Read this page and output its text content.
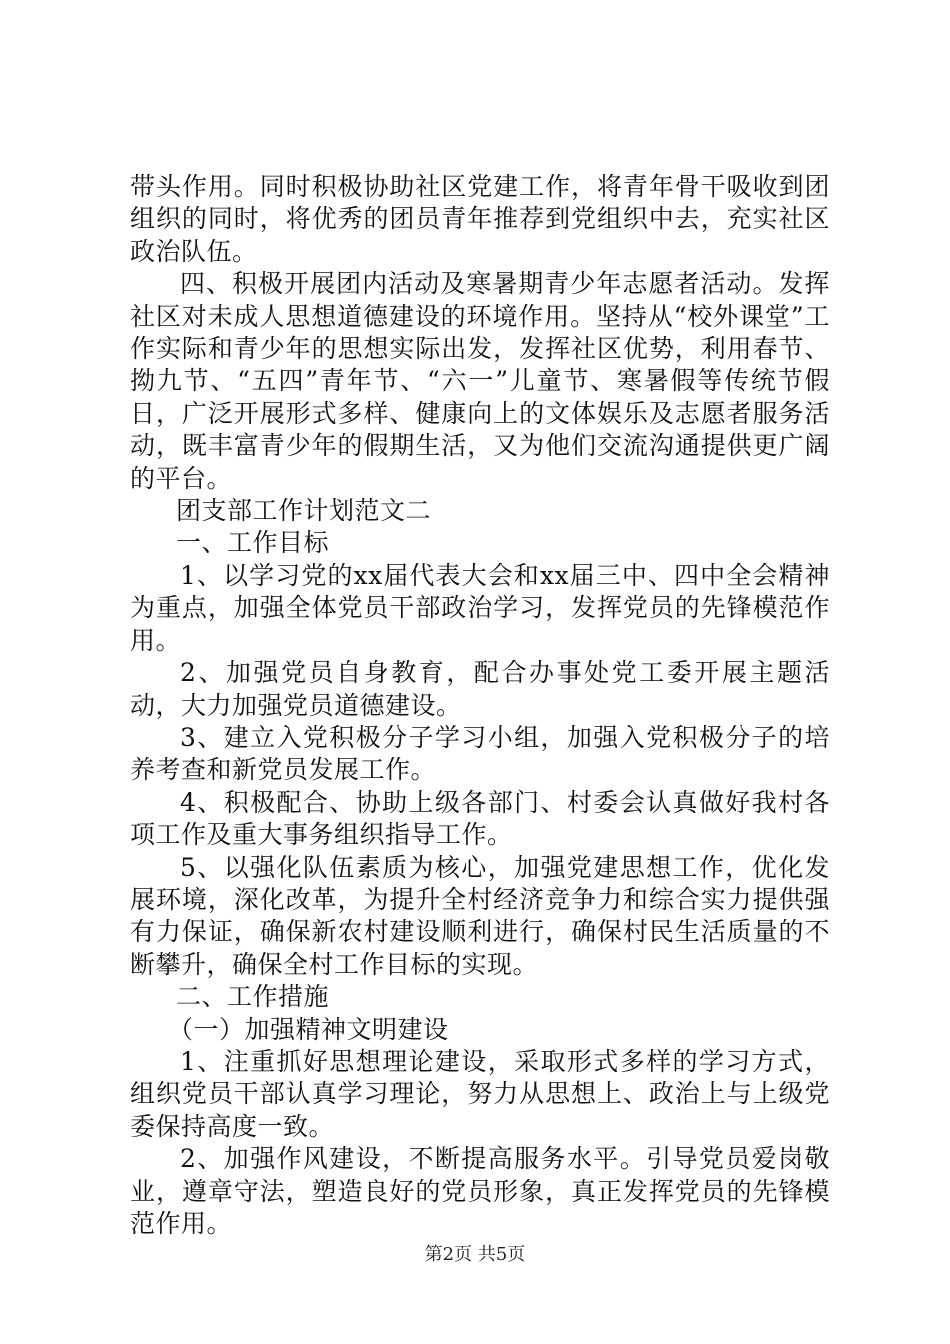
带头作用。同时积极协助社区党建工作，将青年骨干吸收到团组织的同时，将优秀的团员青年推荐到党组织中去，充实社区政治队伍。

四、积极开展团内活动及寒暑期青少年志愿者活动。发挥社区对未成人思想道德建设的环境作用。坚持从“校外课堂”工作实际和青少年的思想实际出发，发挥社区优势，利用春节、拗九节、“五四”青年节、“六一”儿童节、寒暑假等传统节假日，广泛开展形式多样、健康向上的文体娱乐及志愿者服务活动，既丰富青少年的假期生活，又为他们交流沟通提供更广阔的平台。

团支部工作计划范文二

一、工作目标

1、以学习党的xx届代表大会和xx届三中、四中全会精神为重点，加强全体党员干部政治学习，发挥党员的先锋模范作用。

2、加强党员自身教育，配合办事处党工委开展主题活动，大力加强党员道德建设。

3、建立入党积极分子学习小组，加强入党积极分子的培养考查和新党员发展工作。

4、积极配合、协助上级各部门、村委会认真做好我村各项工作及重大事务组织指导工作。

5、以强化队伍素质为核心，加强党建思想工作，优化发展环境，深化改革，为提升全村经济竞争力和综合实力提供强有力保证，确保新农村建设顺利进行，确保村民生活质量的不断攀升，确保全村工作目标的实现。

二、工作措施

（一）加强精神文明建设

1、注重抓好思想理论建设，采取形式多样的学习方式，组织党员干部认真学习理论，努力从思想上、政治上与上级党委保持高度一致。

2、加强作风建设，不断提高服务水平。引导党员爱岗敬业，遵章守法，塑造良好的党员形象，真正发挥党员的先锋模范作用。

第2页 共5页
